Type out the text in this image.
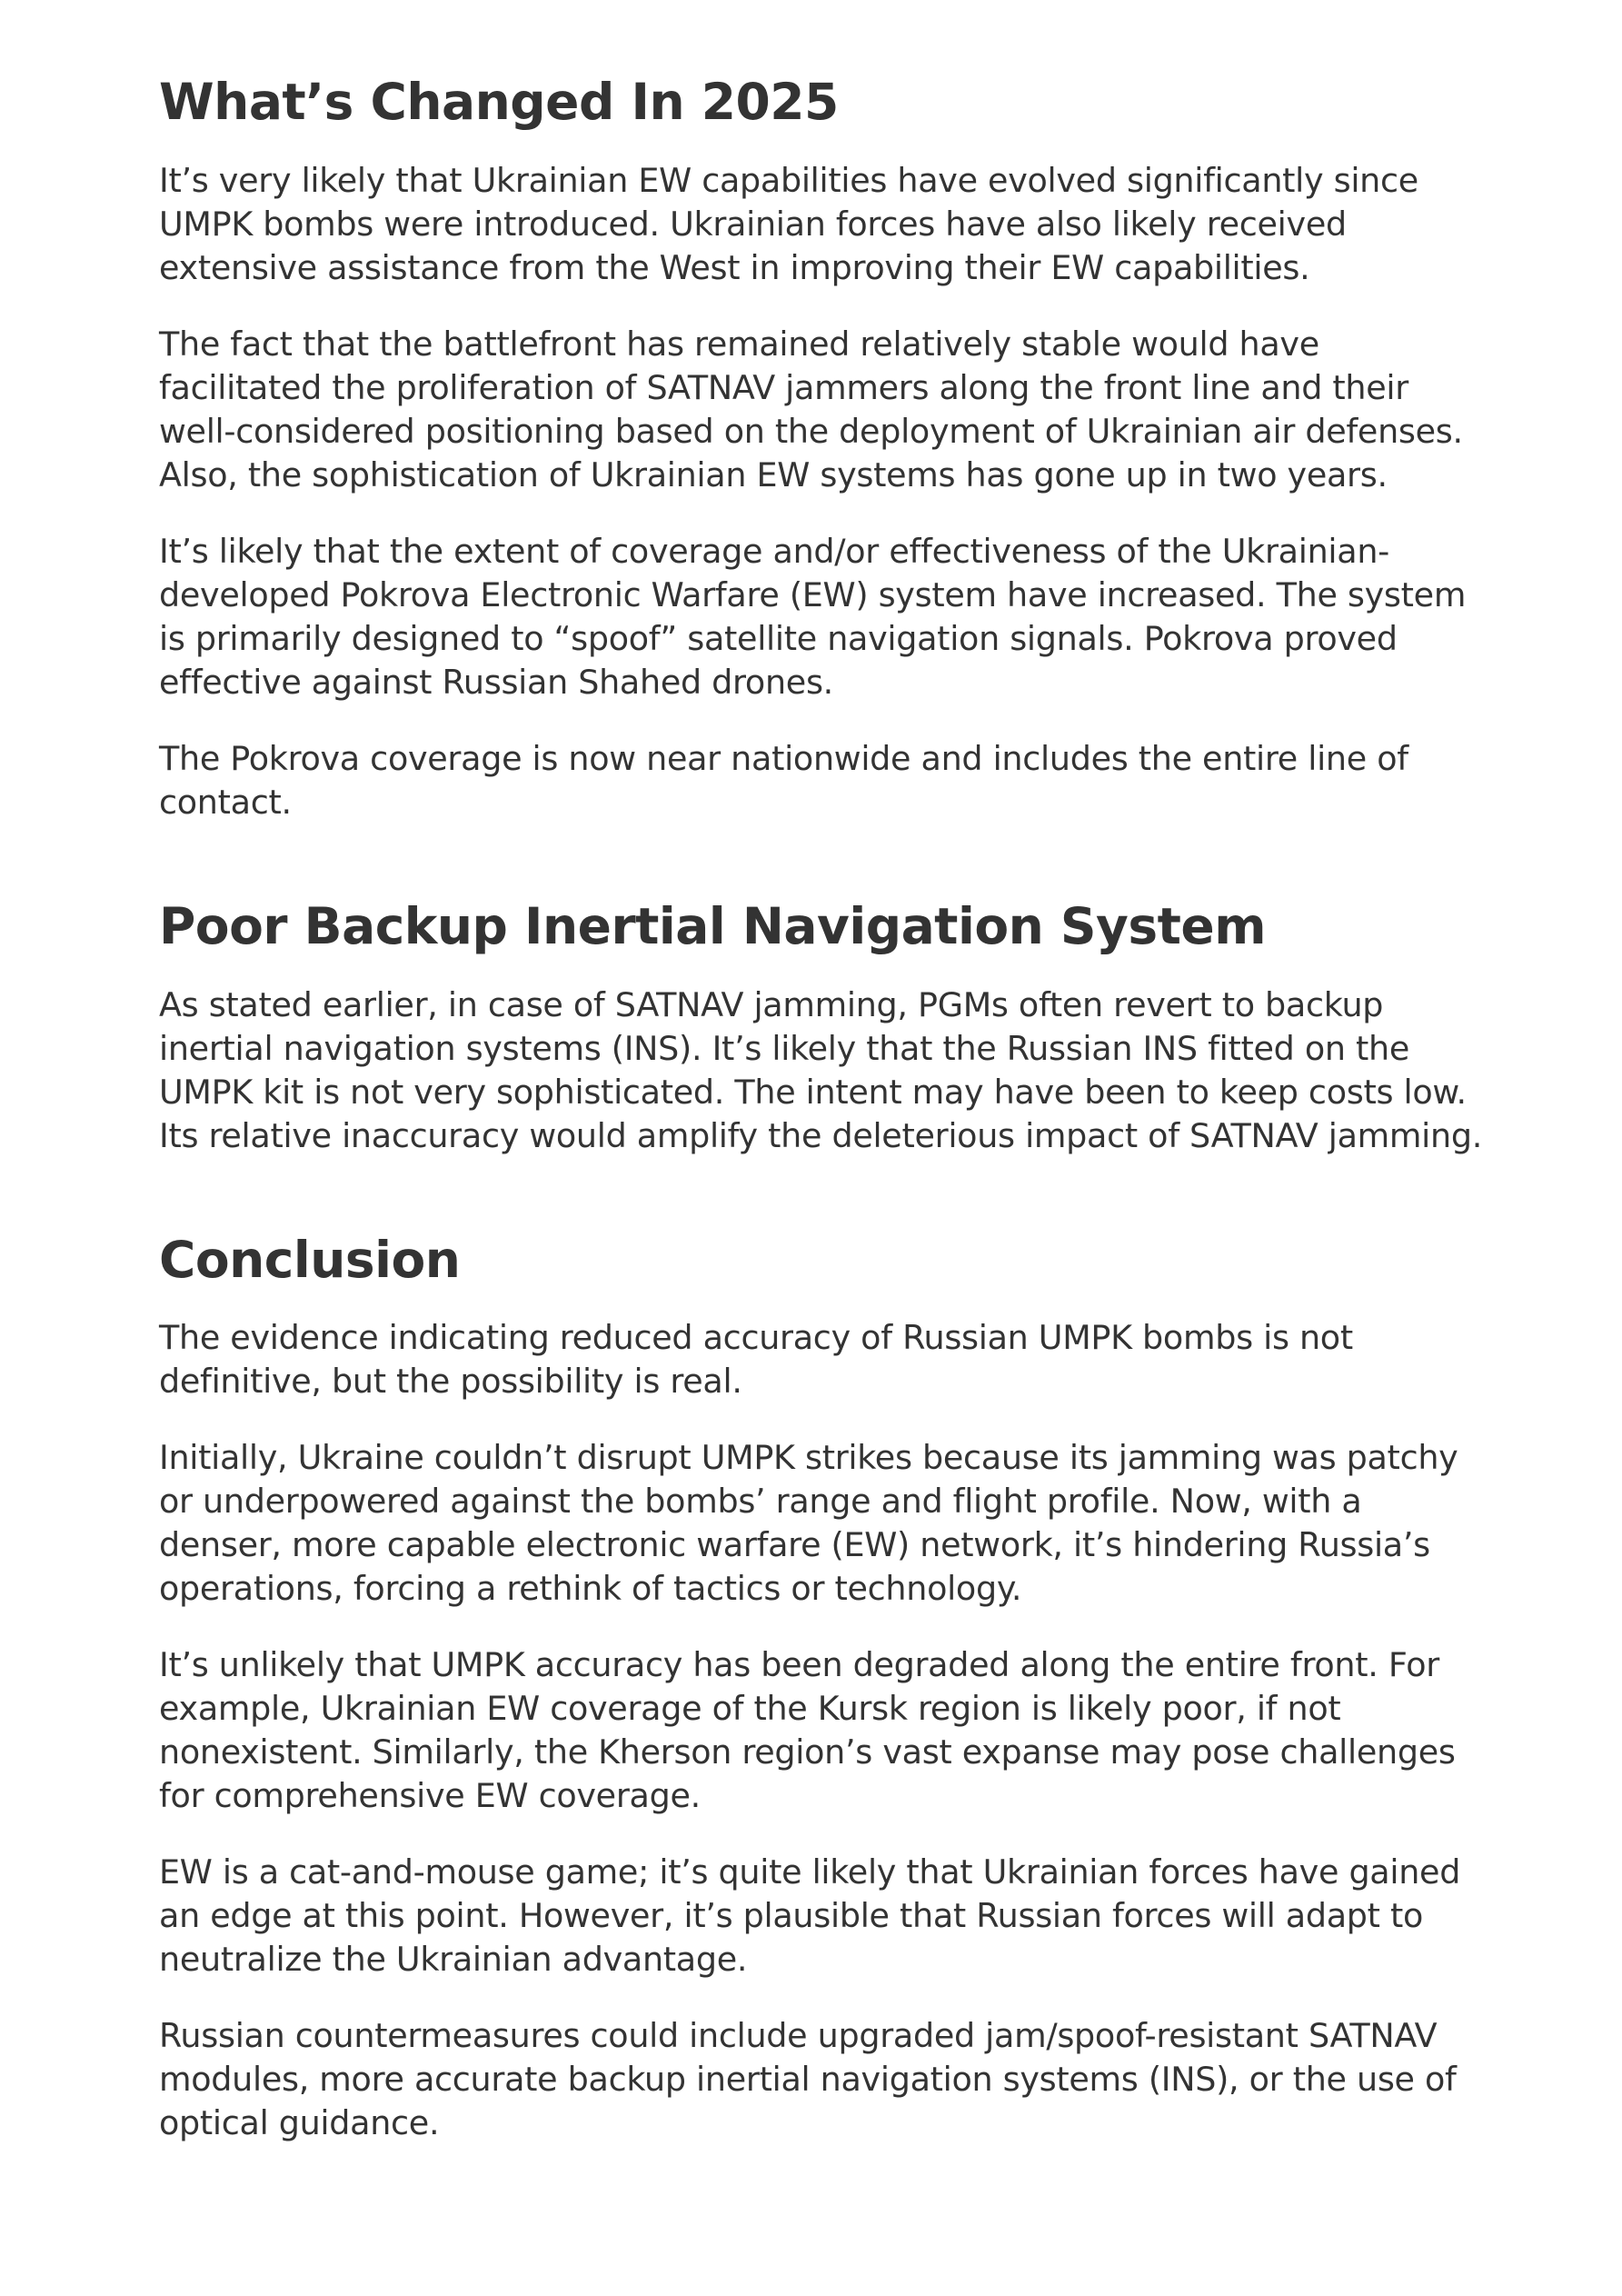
What’s Changed In 2025

It’s very likely that Ukrainian EW capabilities have evolved significantly since UMPK bombs were introduced. Ukrainian forces have also likely received extensive assistance from the West in improving their EW capabilities.

The fact that the battlefront has remained relatively stable would have facilitated the proliferation of SATNAV jammers along the front line and their well-considered positioning based on the deployment of Ukrainian air defenses. Also, the sophistication of Ukrainian EW systems has gone up in two years.

It’s likely that the extent of coverage and/or effectiveness of the Ukrainian-developed Pokrova Electronic Warfare (EW) system have increased. The system is primarily designed to “spoof” satellite navigation signals. Pokrova proved effective against Russian Shahed drones.

The Pokrova coverage is now near nationwide and includes the entire line of contact.

Poor Backup Inertial Navigation System

As stated earlier, in case of SATNAV jamming, PGMs often revert to backup inertial navigation systems (INS). It’s likely that the Russian INS fitted on the UMPK kit is not very sophisticated. The intent may have been to keep costs low. Its relative inaccuracy would amplify the deleterious impact of SATNAV jamming.

Conclusion

The evidence indicating reduced accuracy of Russian UMPK bombs is not definitive, but the possibility is real.

Initially, Ukraine couldn’t disrupt UMPK strikes because its jamming was patchy or underpowered against the bombs’ range and flight profile. Now, with a denser, more capable electronic warfare (EW) network, it’s hindering Russia’s operations, forcing a rethink of tactics or technology.

It’s unlikely that UMPK accuracy has been degraded along the entire front. For example, Ukrainian EW coverage of the Kursk region is likely poor, if not nonexistent. Similarly, the Kherson region’s vast expanse may pose challenges for comprehensive EW coverage.

EW is a cat-and-mouse game; it’s quite likely that Ukrainian forces have gained an edge at this point. However, it’s plausible that Russian forces will adapt to neutralize the Ukrainian advantage.

Russian countermeasures could include upgraded jam/spoof-resistant SATNAV modules, more accurate backup inertial navigation systems (INS), or the use of optical guidance.
